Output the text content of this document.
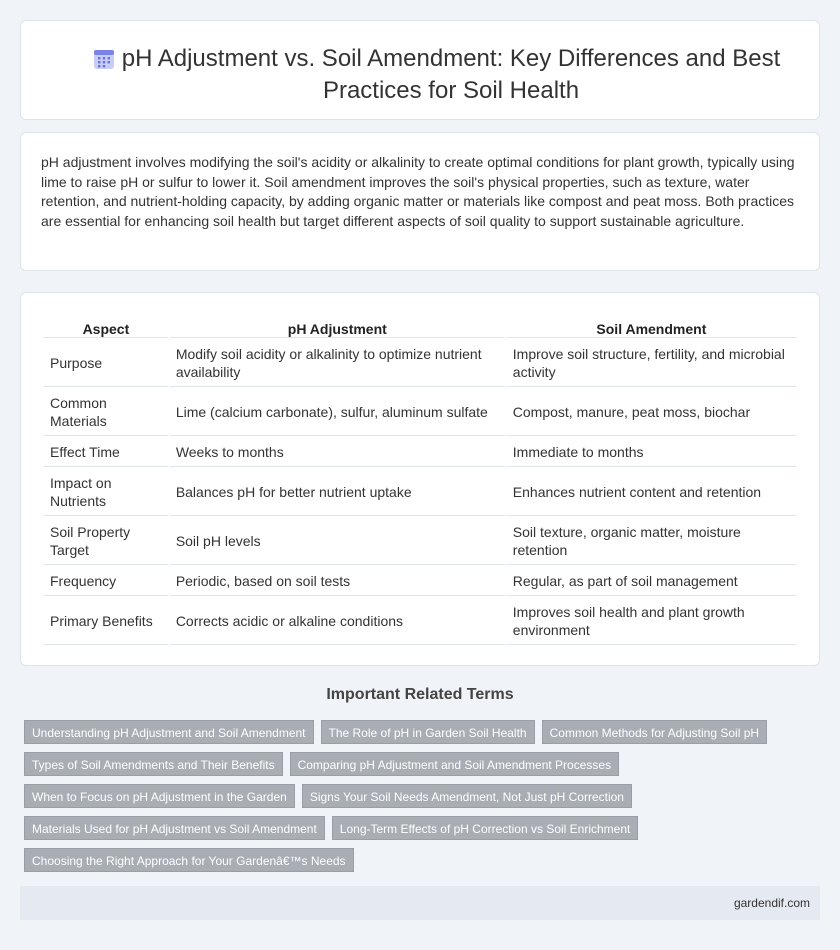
pH Adjustment vs. Soil Amendment: Key Differences and Best Practices for Soil Health

pH adjustment involves modifying the soil's acidity or alkalinity to create optimal conditions for plant growth, typically using lime to raise pH or sulfur to lower it. Soil amendment improves the soil's physical properties, such as texture, water retention, and nutrient-holding capacity, by adding organic matter or materials like compost and peat moss. Both practices are essential for enhancing soil health but target different aspects of soil quality to support sustainable agriculture.

Aspect	pH Adjustment	Soil Amendment
Purpose	Modify soil acidity or alkalinity to optimize nutrient availability	Improve soil structure, fertility, and microbial activity
Common Materials	Lime (calcium carbonate), sulfur, aluminum sulfate	Compost, manure, peat moss, biochar
Effect Time	Weeks to months	Immediate to months
Impact on Nutrients	Balances pH for better nutrient uptake	Enhances nutrient content and retention
Soil Property Target	Soil pH levels	Soil texture, organic matter, moisture retention
Frequency	Periodic, based on soil tests	Regular, as part of soil management
Primary Benefits	Corrects acidic or alkaline conditions	Improves soil health and plant growth environment
Important Related Terms
Understanding pH Adjustment and Soil Amendment	The Role of pH in Garden Soil Health	Common Methods for Adjusting Soil pH
Types of Soil Amendments and Their Benefits	Comparing pH Adjustment and Soil Amendment Processes
When to Focus on pH Adjustment in the Garden	Signs Your Soil Needs Amendment, Not Just pH Correction
Materials Used for pH Adjustment vs Soil Amendment	Long-Term Effects of pH Correction vs Soil Enrichment
Choosing the Right Approach for Your Gardenâ€™s Needs
gardendif.com
